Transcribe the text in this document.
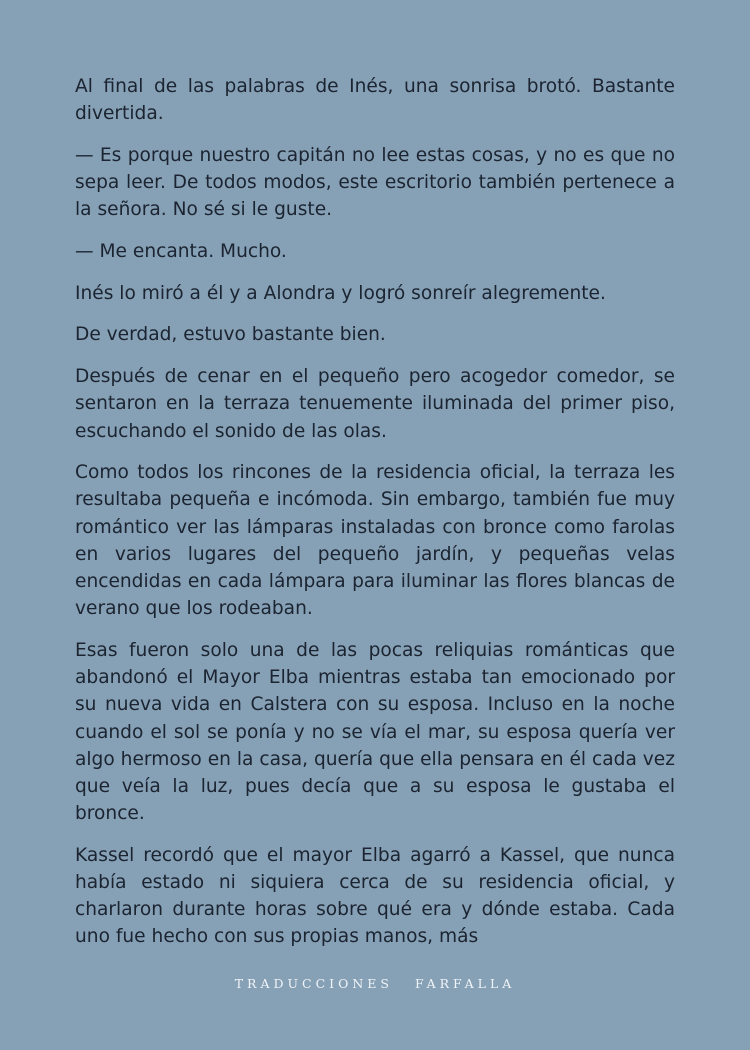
Al final de las palabras de Inés, una sonrisa brotó. Bastante divertida.

— Es porque nuestro capitán no lee estas cosas, y no es que no sepa leer. De todos modos, este escritorio también pertenece a la señora. No sé si le guste.

— Me encanta. Mucho.

Inés lo miró a él y a Alondra y logró sonreír alegremente.

De verdad, estuvo bastante bien.

Después de cenar en el pequeño pero acogedor comedor, se sentaron en la terraza tenuemente iluminada del primer piso, escuchando el sonido de las olas.

Como todos los rincones de la residencia oficial, la terraza les resultaba pequeña e incómoda. Sin embargo, también fue muy romántico ver las lámparas instaladas con bronce como farolas en varios lugares del pequeño jardín, y pequeñas velas encendidas en cada lámpara para iluminar las flores blancas de verano que los rodeaban.

Esas fueron solo una de las pocas reliquias románticas que abandonó el Mayor Elba mientras estaba tan emocionado por su nueva vida en Calstera con su esposa. Incluso en la noche cuando el sol se ponía y no se vía el mar, su esposa quería ver algo hermoso en la casa, quería que ella pensara en él cada vez que veía la luz, pues decía que a su esposa le gustaba el bronce.

Kassel recordó que el mayor Elba agarró a Kassel, que nunca había estado ni siquiera cerca de su residencia oficial, y charlaron durante horas sobre qué era y dónde estaba. Cada uno fue hecho con sus propias manos, más

TRADUCCIONES FARFALLA
